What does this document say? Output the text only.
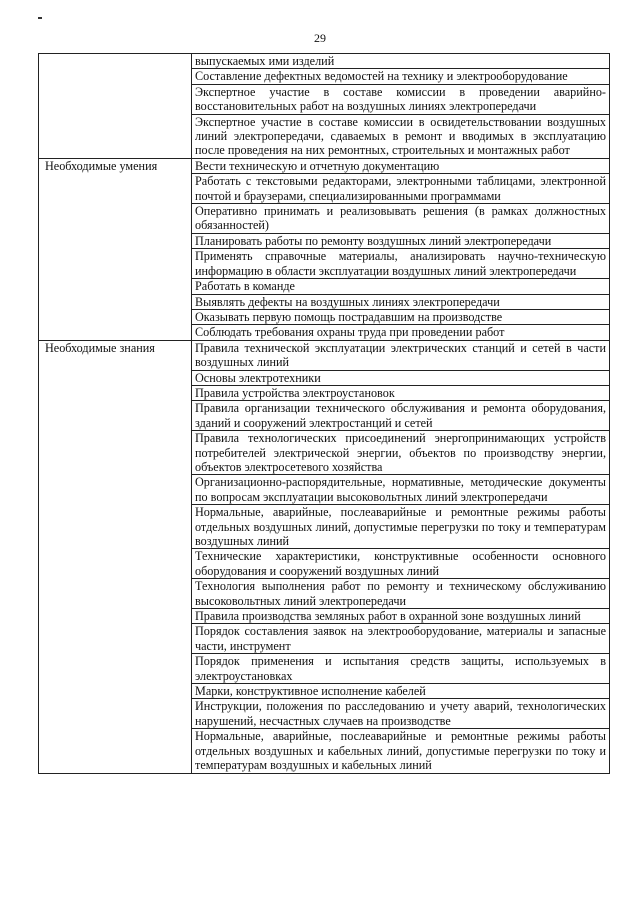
29
	выпускаемых ими изделий
	Составление дефектных ведомостей на технику и электрооборудование
	Экспертное участие в составе комиссии в проведении аварийно-восстановительных работ на воздушных линиях электропередачи
	Экспертное участие в составе комиссии в освидетельствовании воздушных линий электропередачи, сдаваемых в ремонт и вводимых в эксплуатацию после проведения на них ремонтных, строительных и монтажных работ
Необходимые умения	Вести техническую и отчетную документацию
	Работать с текстовыми редакторами, электронными таблицами, электронной почтой и браузерами, специализированными программами
	Оперативно принимать и реализовывать решения (в рамках должностных обязанностей)
	Планировать работы по ремонту воздушных линий электропередачи
	Применять справочные материалы, анализировать научно-техническую информацию в области эксплуатации воздушных линий электропередачи
	Работать в команде
	Выявлять дефекты на воздушных линиях электропередачи
	Оказывать первую помощь пострадавшим на производстве
	Соблюдать требования охраны труда при проведении работ
Необходимые знания	Правила технической эксплуатации электрических станций и сетей в части воздушных линий
	Основы электротехники
	Правила устройства электроустановок
	Правила организации технического обслуживания и ремонта оборудования, зданий и сооружений электростанций и сетей
	Правила технологических присоединений энергопринимающих устройств потребителей электрической энергии, объектов по производству энергии, объектов электросетевого хозяйства
	Организационно-распорядительные, нормативные, методические документы по вопросам эксплуатации высоковольтных линий электропередачи
	Нормальные, аварийные, послеаварийные и ремонтные режимы работы отдельных воздушных линий, допустимые перегрузки по току и температурам воздушных линий
	Технические характеристики, конструктивные особенности основного оборудования и сооружений воздушных линий
	Технология выполнения работ по ремонту и техническому обслуживанию высоковольтных линий электропередачи
	Правила производства земляных работ в охранной зоне воздушных линий
	Порядок составления заявок на электрооборудование, материалы и запасные части, инструмент
	Порядок применения и испытания средств защиты, используемых в электроустановках
	Марки, конструктивное исполнение кабелей
	Инструкции, положения по расследованию и учету аварий, технологических нарушений, несчастных случаев на производстве
	Нормальные, аварийные, послеаварийные и ремонтные режимы работы отдельных воздушных и кабельных линий, допустимые перегрузки по току и температурам воздушных и кабельных линий
